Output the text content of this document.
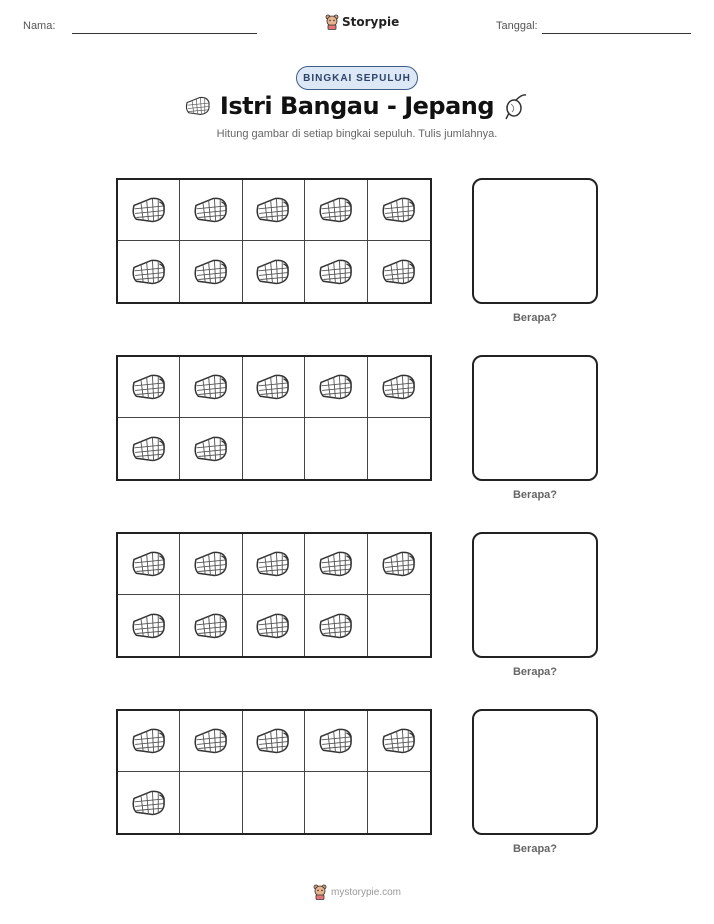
Nama:	Storypie	Tanggal:
BINGKAI SEPULUH
Istri Bangau - Jepang
Hitung gambar di setiap bingkai sepuluh. Tulis jumlahnya.
Berapa?
Berapa?
Berapa?
Berapa?
mystorypie.com
